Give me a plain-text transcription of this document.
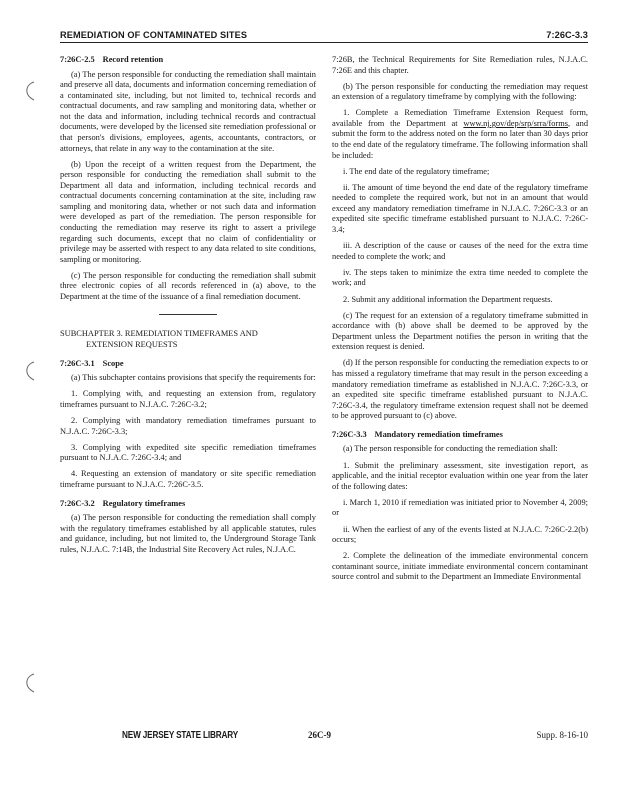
REMEDIATION OF CONTAMINATED SITES	7:26C-3.3

7:26C-2.5 Record retention

(a) The person responsible for conducting the remediation shall maintain and preserve all data, documents and information concerning remediation of a contaminated site, including, but not limited to, technical records and contractual documents, and raw sampling and monitoring data, whether or not the data and information, including technical records and contractual documents, were developed by the licensed site remediation professional or that person's divisions, employees, agents, accountants, contractors, or attorneys, that relate in any way to the contamination at the site.

(b) Upon the receipt of a written request from the Department, the person responsible for conducting the remediation shall submit to the Department all data and information, including technical records and contractual documents concerning contamination at the site, including raw sampling and monitoring data, whether or not such data and information were developed as part of the remediation. The person responsible for conducting the remediation may reserve its right to assert a privilege regarding such documents, except that no claim of confidentiality or privilege may be asserted with respect to any data related to site conditions, sampling or monitoring.

(c) The person responsible for conducting the remediation shall submit three electronic copies of all records referenced in (a) above, to the Department at the time of the issuance of a final remediation document.

SUBCHAPTER 3. REMEDIATION TIMEFRAMES AND
EXTENSION REQUESTS

7:26C-3.1 Scope

(a) This subchapter contains provisions that specify the requirements for:

1. Complying with, and requesting an extension from, regulatory timeframes pursuant to N.J.A.C. 7:26C-3.2;

2. Complying with mandatory remediation timeframes pursuant to N.J.A.C. 7:26C-3.3;

3. Complying with expedited site specific remediation timeframes pursuant to N.J.A.C. 7:26C-3.4; and

4. Requesting an extension of mandatory or site specific remediation timeframe pursuant to N.J.A.C. 7:26C-3.5.

7:26C-3.2 Regulatory timeframes

(a) The person responsible for conducting the remediation shall comply with the regulatory timeframes established by all applicable statutes, rules and guidance, including, but not limited to, the Underground Storage Tank rules, N.J.A.C. 7:14B, the Industrial Site Recovery Act rules, N.J.A.C.

7:26B, the Technical Requirements for Site Remediation rules, N.J.A.C. 7:26E and this chapter.

(b) The person responsible for conducting the remediation may request an extension of a regulatory timeframe by complying with the following:

1. Complete a Remediation Timeframe Extension Request form, available from the Department at www.nj.gov/dep/srp/srra/forms, and submit the form to the address noted on the form no later than 30 days prior to the end date of the regulatory timeframe. The following information shall be included:

i. The end date of the regulatory timeframe;

ii. The amount of time beyond the end date of the regulatory timeframe needed to complete the required work, but not in an amount that would exceed any mandatory remediation timeframe in N.J.A.C. 7:26C-3.3 or an expedited site specific timeframe established pursuant to N.J.A.C. 7:26C-3.4;

iii. A description of the cause or causes of the need for the extra time needed to complete the work; and

iv. The steps taken to minimize the extra time needed to complete the work; and

2. Submit any additional information the Department requests.

(c) The request for an extension of a regulatory timeframe submitted in accordance with (b) above shall be deemed to be approved by the Department unless the Department notifies the person in writing that the extension request is denied.

(d) If the person responsible for conducting the remediation expects to or has missed a regulatory timeframe that may result in the person exceeding a mandatory remediation timeframe as established in N.J.A.C. 7:26C-3.3, or an expedited site specific timeframe established pursuant to N.J.A.C. 7:26C-3.4, the regulatory timeframe extension request shall not be deemed to be approved pursuant to (c) above.

7:26C-3.3 Mandatory remediation timeframes

(a) The person responsible for conducting the remediation shall:

1. Submit the preliminary assessment, site investigation report, as applicable, and the initial receptor evaluation within one year from the later of the following dates:

i. March 1, 2010 if remediation was initiated prior to November 4, 2009; or

ii. When the earliest of any of the events listed at N.J.A.C. 7:26C-2.2(b) occurs;

2. Complete the delineation of the immediate environmental concern contaminant source, initiate immediate environmental concern contaminant source control and submit to the Department an Immediate Environmental

NEW JERSEY STATE LIBRARY	26C-9	Supp. 8-16-10
